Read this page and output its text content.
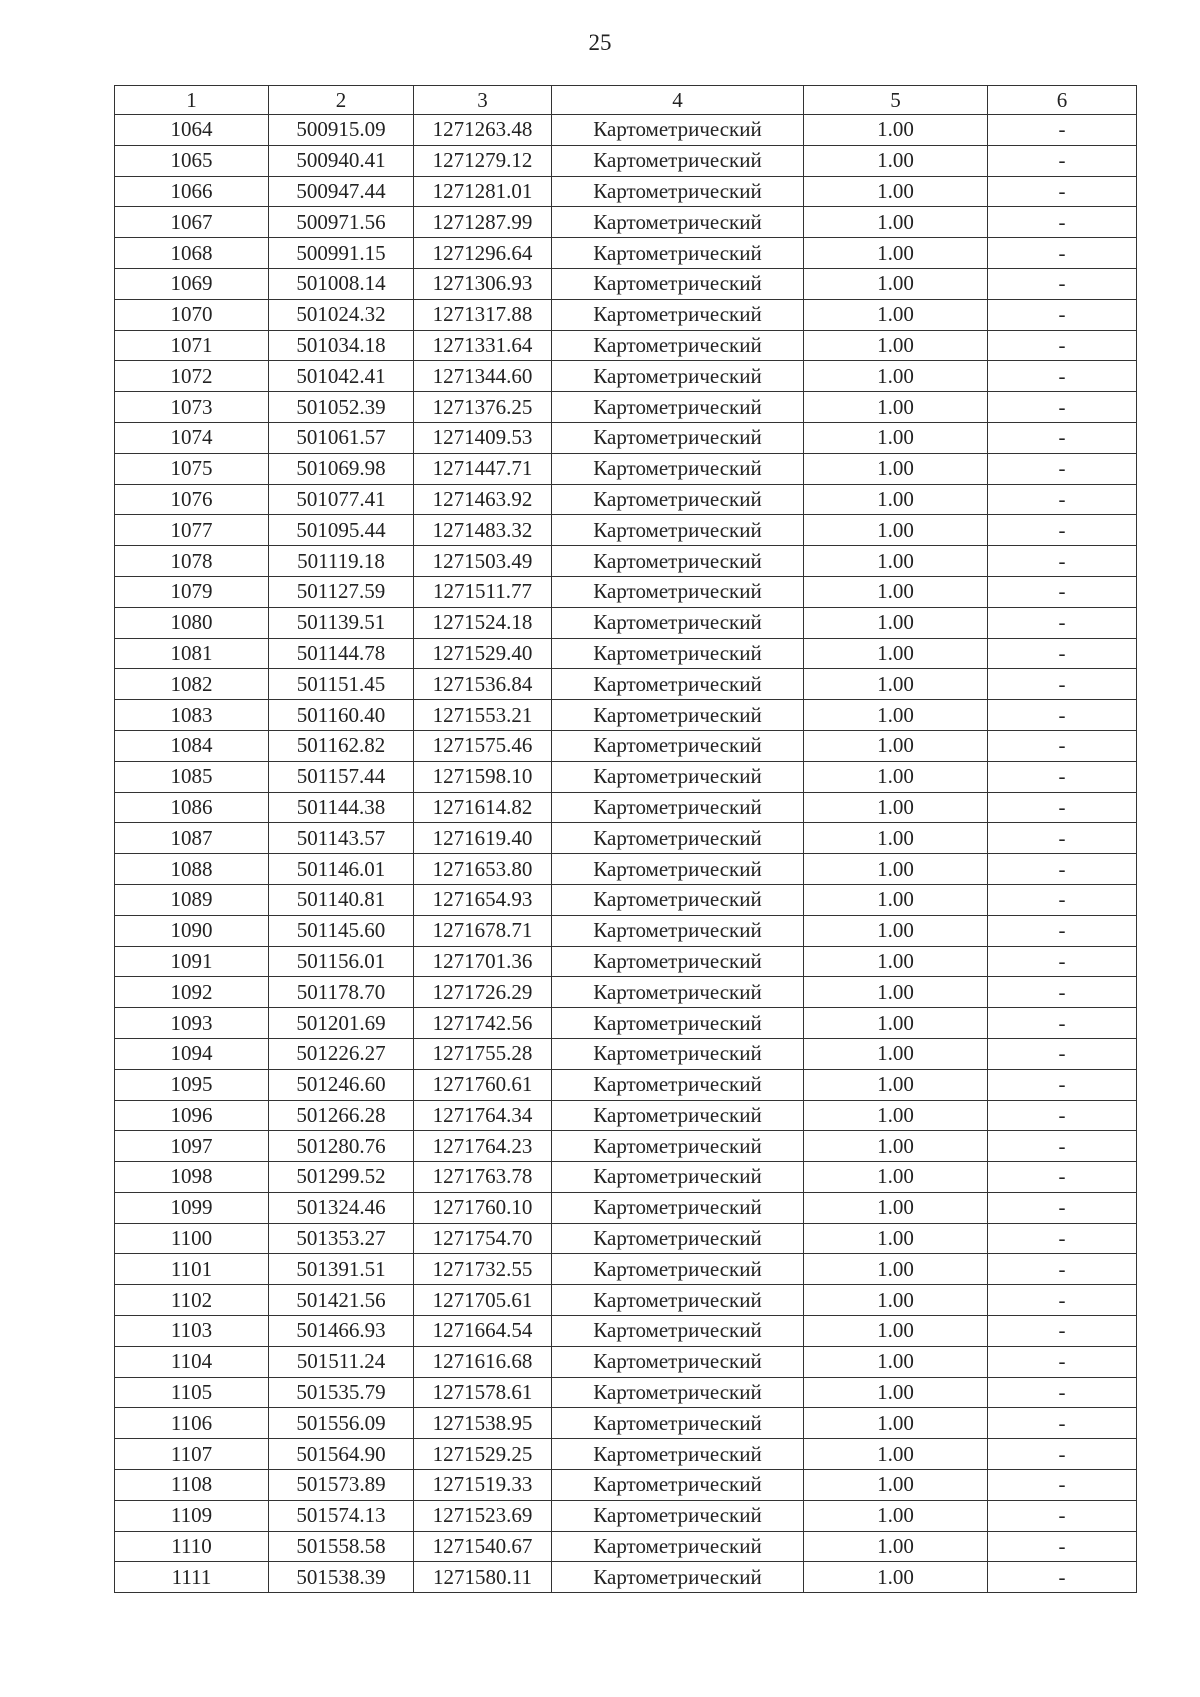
25
1	2	3	4	5	6
1064	500915.09	1271263.48	Картометрический	1.00	-
1065	500940.41	1271279.12	Картометрический	1.00	-
1066	500947.44	1271281.01	Картометрический	1.00	-
1067	500971.56	1271287.99	Картометрический	1.00	-
1068	500991.15	1271296.64	Картометрический	1.00	-
1069	501008.14	1271306.93	Картометрический	1.00	-
1070	501024.32	1271317.88	Картометрический	1.00	-
1071	501034.18	1271331.64	Картометрический	1.00	-
1072	501042.41	1271344.60	Картометрический	1.00	-
1073	501052.39	1271376.25	Картометрический	1.00	-
1074	501061.57	1271409.53	Картометрический	1.00	-
1075	501069.98	1271447.71	Картометрический	1.00	-
1076	501077.41	1271463.92	Картометрический	1.00	-
1077	501095.44	1271483.32	Картометрический	1.00	-
1078	501119.18	1271503.49	Картометрический	1.00	-
1079	501127.59	1271511.77	Картометрический	1.00	-
1080	501139.51	1271524.18	Картометрический	1.00	-
1081	501144.78	1271529.40	Картометрический	1.00	-
1082	501151.45	1271536.84	Картометрический	1.00	-
1083	501160.40	1271553.21	Картометрический	1.00	-
1084	501162.82	1271575.46	Картометрический	1.00	-
1085	501157.44	1271598.10	Картометрический	1.00	-
1086	501144.38	1271614.82	Картометрический	1.00	-
1087	501143.57	1271619.40	Картометрический	1.00	-
1088	501146.01	1271653.80	Картометрический	1.00	-
1089	501140.81	1271654.93	Картометрический	1.00	-
1090	501145.60	1271678.71	Картометрический	1.00	-
1091	501156.01	1271701.36	Картометрический	1.00	-
1092	501178.70	1271726.29	Картометрический	1.00	-
1093	501201.69	1271742.56	Картометрический	1.00	-
1094	501226.27	1271755.28	Картометрический	1.00	-
1095	501246.60	1271760.61	Картометрический	1.00	-
1096	501266.28	1271764.34	Картометрический	1.00	-
1097	501280.76	1271764.23	Картометрический	1.00	-
1098	501299.52	1271763.78	Картометрический	1.00	-
1099	501324.46	1271760.10	Картометрический	1.00	-
1100	501353.27	1271754.70	Картометрический	1.00	-
1101	501391.51	1271732.55	Картометрический	1.00	-
1102	501421.56	1271705.61	Картометрический	1.00	-
1103	501466.93	1271664.54	Картометрический	1.00	-
1104	501511.24	1271616.68	Картометрический	1.00	-
1105	501535.79	1271578.61	Картометрический	1.00	-
1106	501556.09	1271538.95	Картометрический	1.00	-
1107	501564.90	1271529.25	Картометрический	1.00	-
1108	501573.89	1271519.33	Картометрический	1.00	-
1109	501574.13	1271523.69	Картометрический	1.00	-
1110	501558.58	1271540.67	Картометрический	1.00	-
1111	501538.39	1271580.11	Картометрический	1.00	-
